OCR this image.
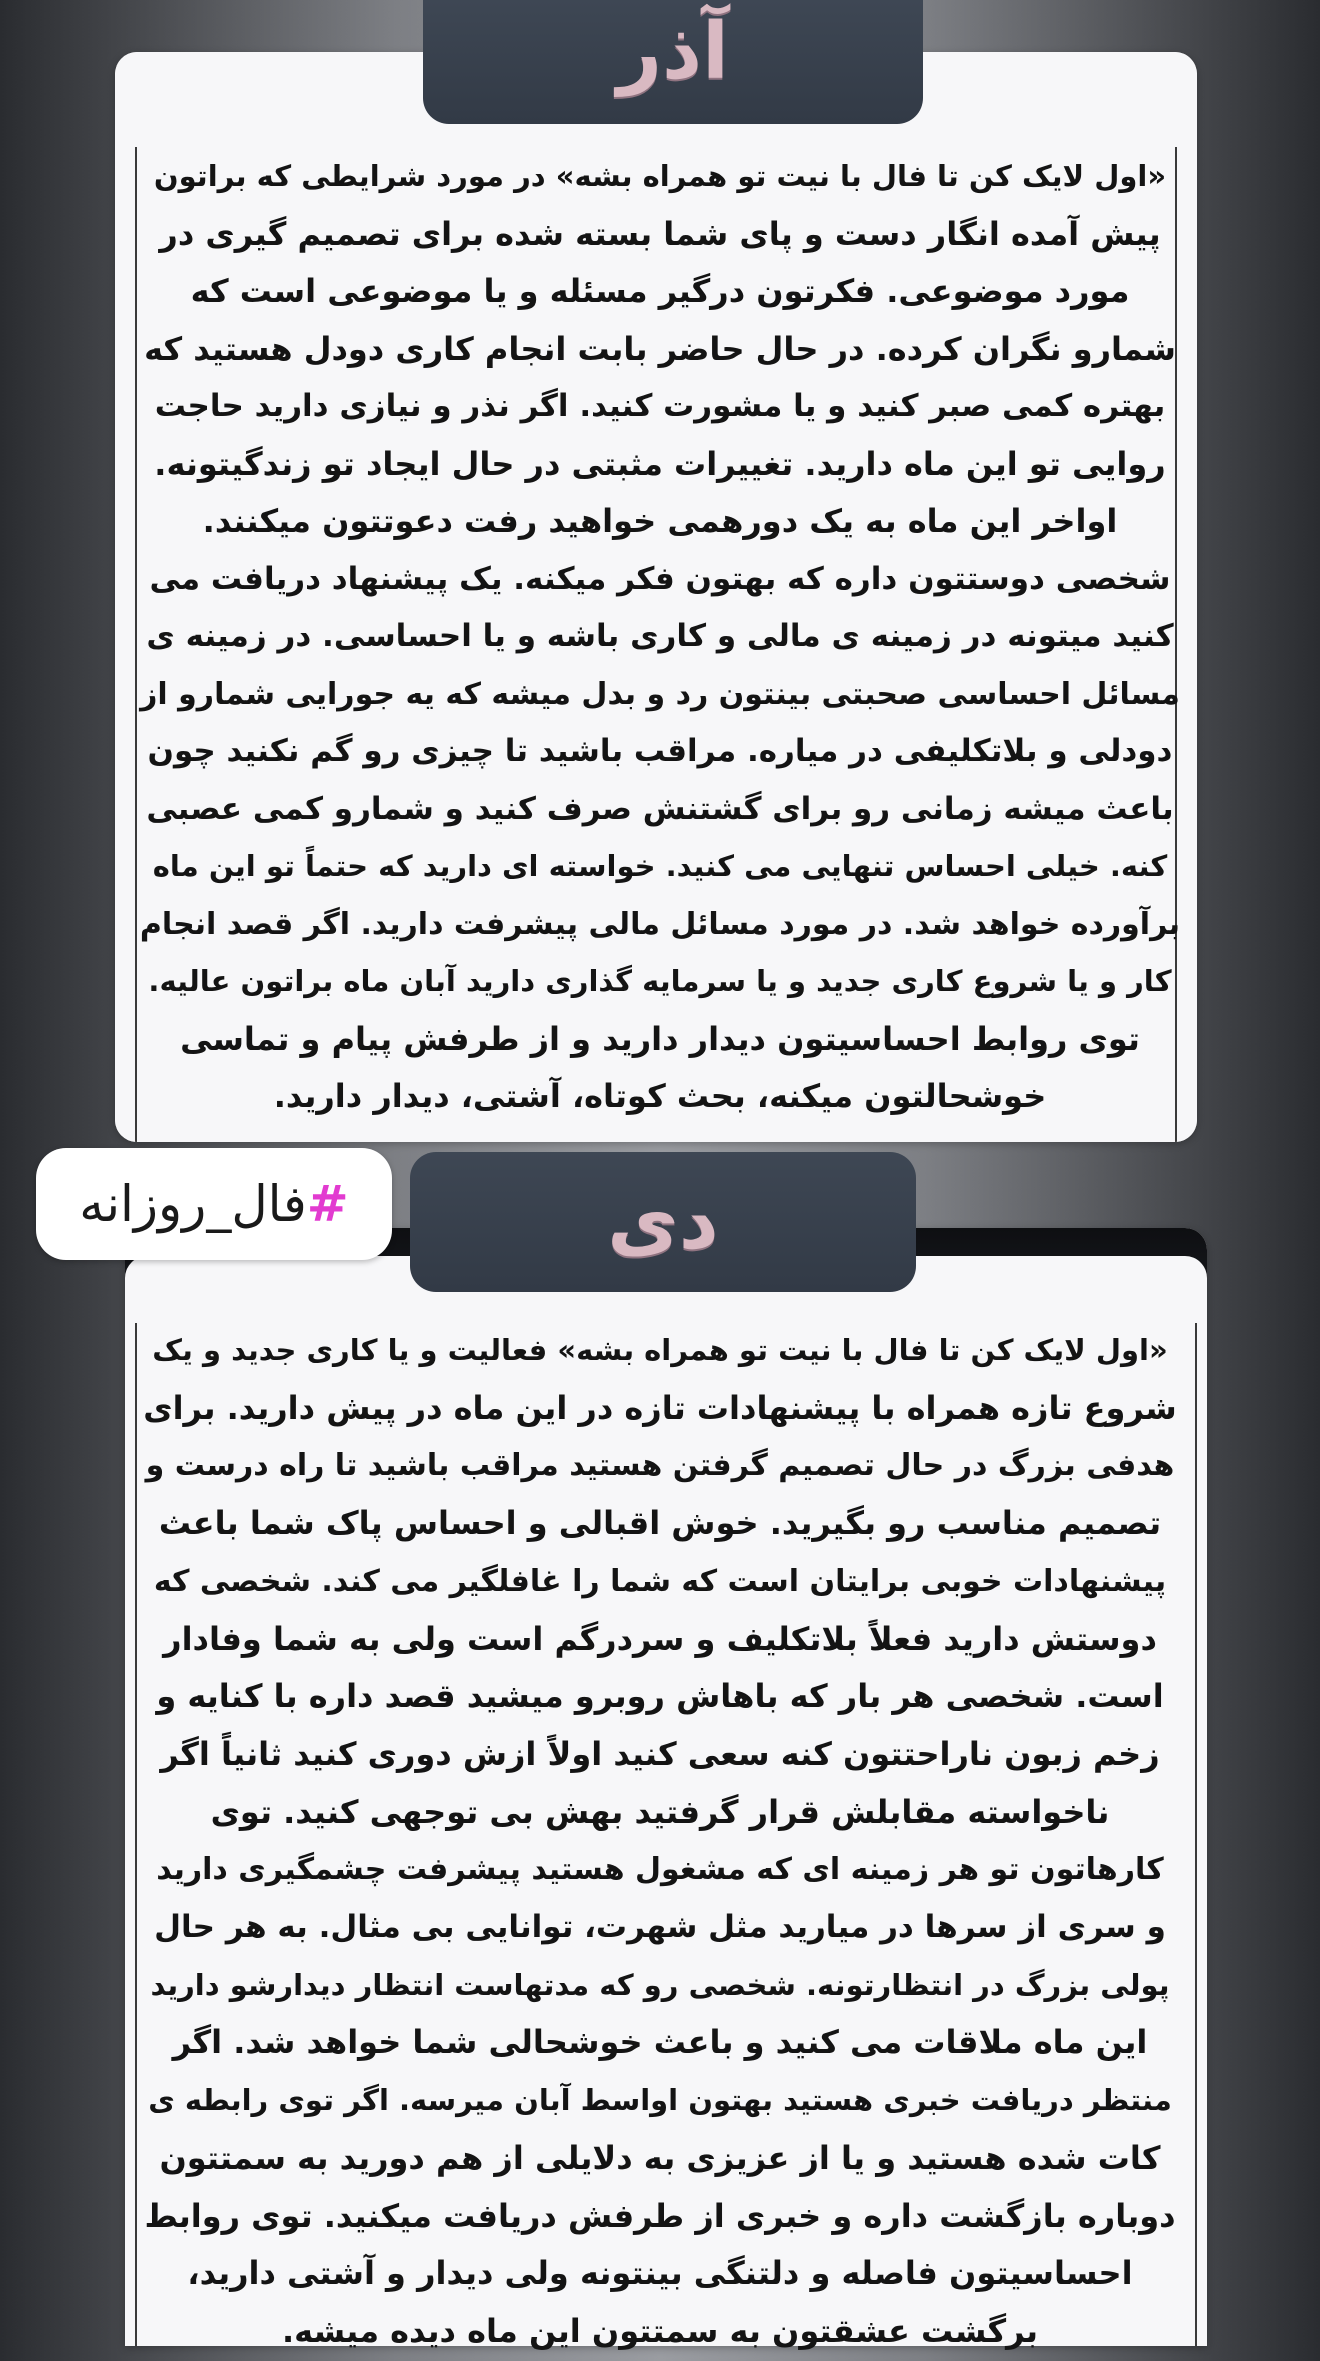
آذر

«اول لایک کن تا فال با نیت تو همراه بشه» در مورد شرایطی که براتون
پیش آمده انگار دست و پای شما بسته شده برای تصمیم گیری در
مورد موضوعی. فکرتون درگیر مسئله و یا موضوعی است که
شمارو نگران کرده. در حال حاضر بابت انجام کاری دودل هستید که
بهتره کمی صبر کنید و یا مشورت کنید. اگر نذر و نیازی دارید حاجت
روایی تو این ماه دارید. تغییرات مثبتی در حال ایجاد تو زندگیتونه.
اواخر این ماه به یک دورهمی خواهید رفت دعوتتون میکنند.
شخصی دوستتون داره که بهتون فکر میکنه. یک پیشنهاد دریافت می
کنید میتونه در زمینه ی مالی و کاری باشه و یا احساسی. در زمینه ی
مسائل احساسی صحبتی بینتون رد و بدل میشه که یه جورایی شمارو از
دودلی و بلاتکلیفی در میاره. مراقب باشید تا چیزی رو گم نکنید چون
باعث میشه زمانی رو برای گشتنش صرف کنید و شمارو کمی عصبی
کنه. خیلی احساس تنهایی می کنید. خواسته ای دارید که حتماً تو این ماه
برآورده خواهد شد. در مورد مسائل مالی پیشرفت دارید. اگر قصد انجام
کار و یا شروع کاری جدید و یا سرمایه گذاری دارید آبان ماه براتون عالیه.
توی روابط احساسیتون دیدار دارید و از طرفش پیام و تماسی
خوشحالتون میکنه، بحث کوتاه، آشتی، دیدار دارید.

دی

«اول لایک کن تا فال با نیت تو همراه بشه» فعالیت و یا کاری جدید و یک
شروع تازه همراه با پیشنهادات تازه در این ماه در پیش دارید. برای
هدفی بزرگ در حال تصمیم گرفتن هستید مراقب باشید تا راه درست و
تصمیم مناسب رو بگیرید. خوش اقبالی و احساس پاک شما باعث
پیشنهادات خوبی برایتان است که شما را غافلگیر می کند. شخصی که
دوستش دارید فعلاً بلاتکلیف و سردرگم است ولی به شما وفادار
است. شخصی هر بار که باهاش روبرو میشید قصد داره با کنایه و
زخم زبون ناراحتتون کنه سعی کنید اولاً ازش دوری کنید ثانیاً اگر
ناخواسته مقابلش قرار گرفتید بهش بی توجهی کنید. توی
کارهاتون تو هر زمینه ای که مشغول هستید پیشرفت چشمگیری دارید
و سری از سرها در میارید مثل شهرت، توانایی بی مثال. به هر حال
پولی بزرگ در انتظارتونه. شخصی رو که مدتهاست انتظار دیدارشو دارید
این ماه ملاقات می کنید و باعث خوشحالی شما خواهد شد. اگر
منتظر دریافت خبری هستید بهتون اواسط آبان میرسه. اگر توی رابطه ی
کات شده هستید و یا از عزیزی به دلایلی از هم دورید به سمتتون
دوباره بازگشت داره و خبری از طرفش دریافت میکنید. توی روابط
احساسیتون فاصله و دلتنگی بینتونه ولی دیدار و آشتی دارید،
برگشت عشقتون به سمتتون این ماه دیده میشه.

#فال_روزانه
